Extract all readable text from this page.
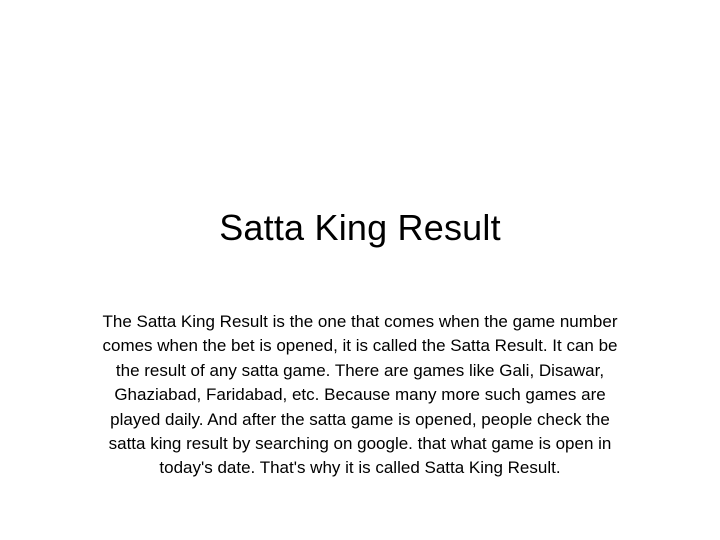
Satta King Result

The Satta King Result is the one that comes when the game number comes when the bet is opened, it is called the Satta Result. It can be the result of any satta game. There are games like Gali, Disawar, Ghaziabad, Faridabad, etc. Because many more such games are played daily. And after the satta game is opened, people check the satta king result by searching on google. that what game is open in today's date. That's why it is called Satta King Result.
